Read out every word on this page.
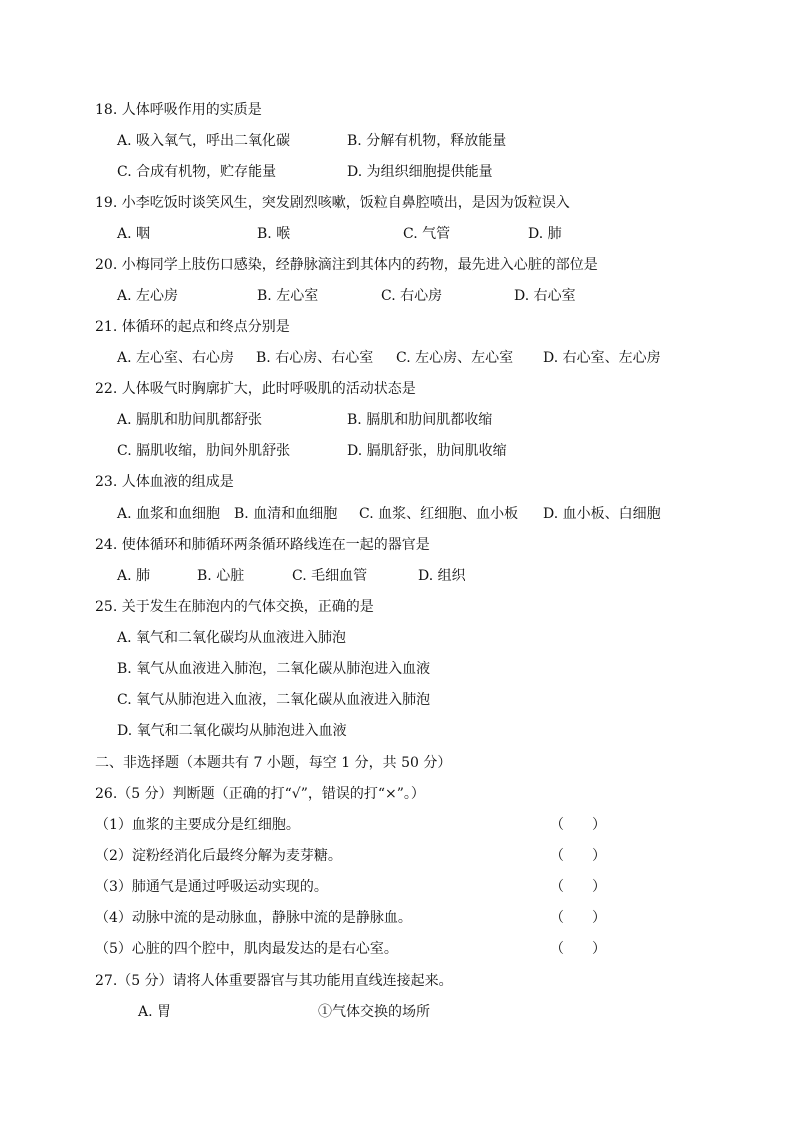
18. 人体呼吸作用的实质是
A. 吸入氧气，呼出二氧化碳	B. 分解有机物，释放能量
C. 合成有机物，贮存能量	D. 为组织细胞提供能量
19. 小李吃饭时谈笑风生，突发剧烈咳嗽，饭粒自鼻腔喷出，是因为饭粒误入
A. 咽	B. 喉	C. 气管	D. 肺
20. 小梅同学上肢伤口感染，经静脉滴注到其体内的药物，最先进入心脏的部位是
A. 左心房	B. 左心室	C. 右心房	D. 右心室
21. 体循环的起点和终点分别是
A. 左心室、右心房 B. 右心房、右心室 C. 左心房、左心室 D. 右心室、左心房
22. 人体吸气时胸廓扩大，此时呼吸肌的活动状态是
A. 膈肌和肋间肌都舒张	B. 膈肌和肋间肌都收缩
C. 膈肌收缩，肋间外肌舒张	D. 膈肌舒张，肋间肌收缩
23. 人体血液的组成是
A. 血浆和血细胞 B. 血清和血细胞 C. 血浆、红细胞、血小板 D. 血小板、白细胞
24. 使体循环和肺循环两条循环路线连在一起的器官是
A. 肺	B. 心脏	C. 毛细血管	D. 组织
25. 关于发生在肺泡内的气体交换，正确的是
A. 氧气和二氧化碳均从血液进入肺泡
B. 氧气从血液进入肺泡，二氧化碳从肺泡进入血液
C. 氧气从肺泡进入血液，二氧化碳从血液进入肺泡
D. 氧气和二氧化碳均从肺泡进入血液
二、非选择题（本题共有 7 小题，每空 1 分，共 50 分）
26.（5 分）判断题（正确的打“√”，错误的打“×”。）
（1）血浆的主要成分是红细胞。	（　　）
（2）淀粉经消化后最终分解为麦芽糖。	（　　）
（3）肺通气是通过呼吸运动实现的。	（　　）
（4）动脉中流的是动脉血，静脉中流的是静脉血。	（　　）
（5）心脏的四个腔中，肌肉最发达的是右心室。	（　　）
27.（5 分）请将人体重要器官与其功能用直线连接起来。
A. 胃	①气体交换的场所
